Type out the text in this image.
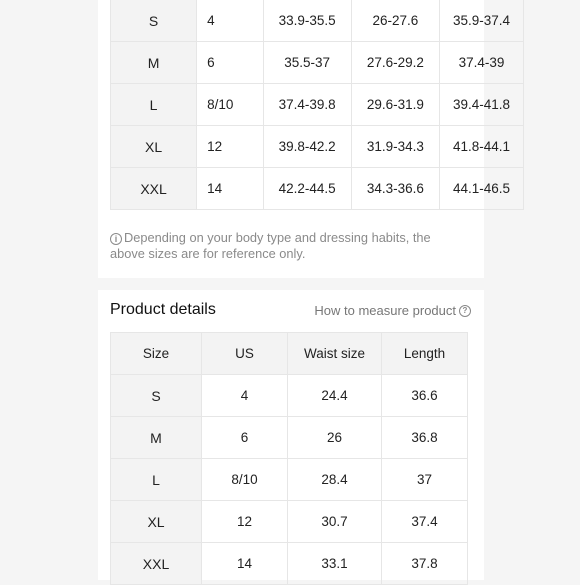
S	4	33.9-35.5	26-27.6	35.9-37.4
M	6	35.5-37	27.6-29.2	37.4-39
L	8/10	37.4-39.8	29.6-31.9	39.4-41.8
XL	12	39.8-42.2	31.9-34.3	41.8-44.1
XXL	14	42.2-44.5	34.3-36.6	44.1-46.5
i Depending on your body type and dressing habits, the above sizes are for reference only.
Product details	How to measure product ?
Size	US	Waist size	Length
S	4	24.4	36.6
M	6	26	36.8
L	8/10	28.4	37
XL	12	30.7	37.4
XXL	14	33.1	37.8
